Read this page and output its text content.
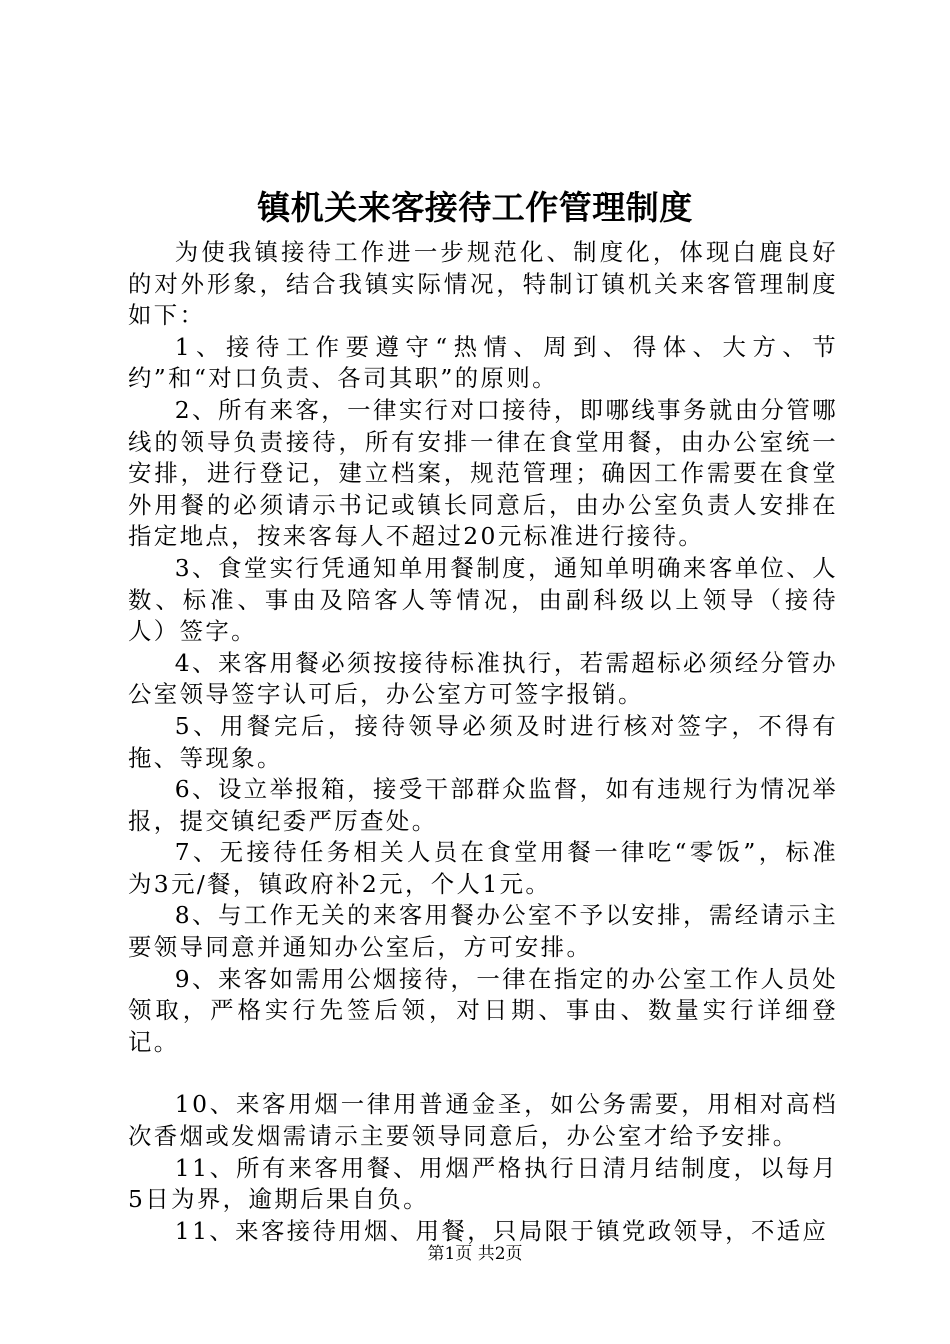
镇机关来客接待工作管理制度

为使我镇接待工作进一步规范化、制度化，体现白鹿良好的对外形象，结合我镇实际情况，特制订镇机关来客管理制度如下：

1、接待工作要遵守“热情、周到、得体、大方、节约”和“对口负责、各司其职”的原则。

2、所有来客，一律实行对口接待，即哪线事务就由分管哪线的领导负责接待，所有安排一律在食堂用餐，由办公室统一安排，进行登记，建立档案，规范管理；确因工作需要在食堂外用餐的必须请示书记或镇长同意后，由办公室负责人安排在指定地点，按来客每人不超过20元标准进行接待。

3、食堂实行凭通知单用餐制度，通知单明确来客单位、人数、标准、事由及陪客人等情况，由副科级以上领导（接待人）签字。

4、来客用餐必须按接待标准执行，若需超标必须经分管办公室领导签字认可后，办公室方可签字报销。

5、用餐完后，接待领导必须及时进行核对签字，不得有拖、等现象。

6、设立举报箱，接受干部群众监督，如有违规行为情况举报，提交镇纪委严厉查处。

7、无接待任务相关人员在食堂用餐一律吃“零饭”，标准为3元/餐，镇政府补2元，个人1元。

8、与工作无关的来客用餐办公室不予以安排，需经请示主要领导同意并通知办公室后，方可安排。

9、来客如需用公烟接待，一律在指定的办公室工作人员处领取，严格实行先签后领，对日期、事由、数量实行详细登记。

10、来客用烟一律用普通金圣，如公务需要，用相对高档次香烟或发烟需请示主要领导同意后，办公室才给予安排。

11、所有来客用餐、用烟严格执行日清月结制度，以每月5日为界，逾期后果自负。

11、来客接待用烟、用餐，只局限于镇党政领导，不适应

第1页 共2页
